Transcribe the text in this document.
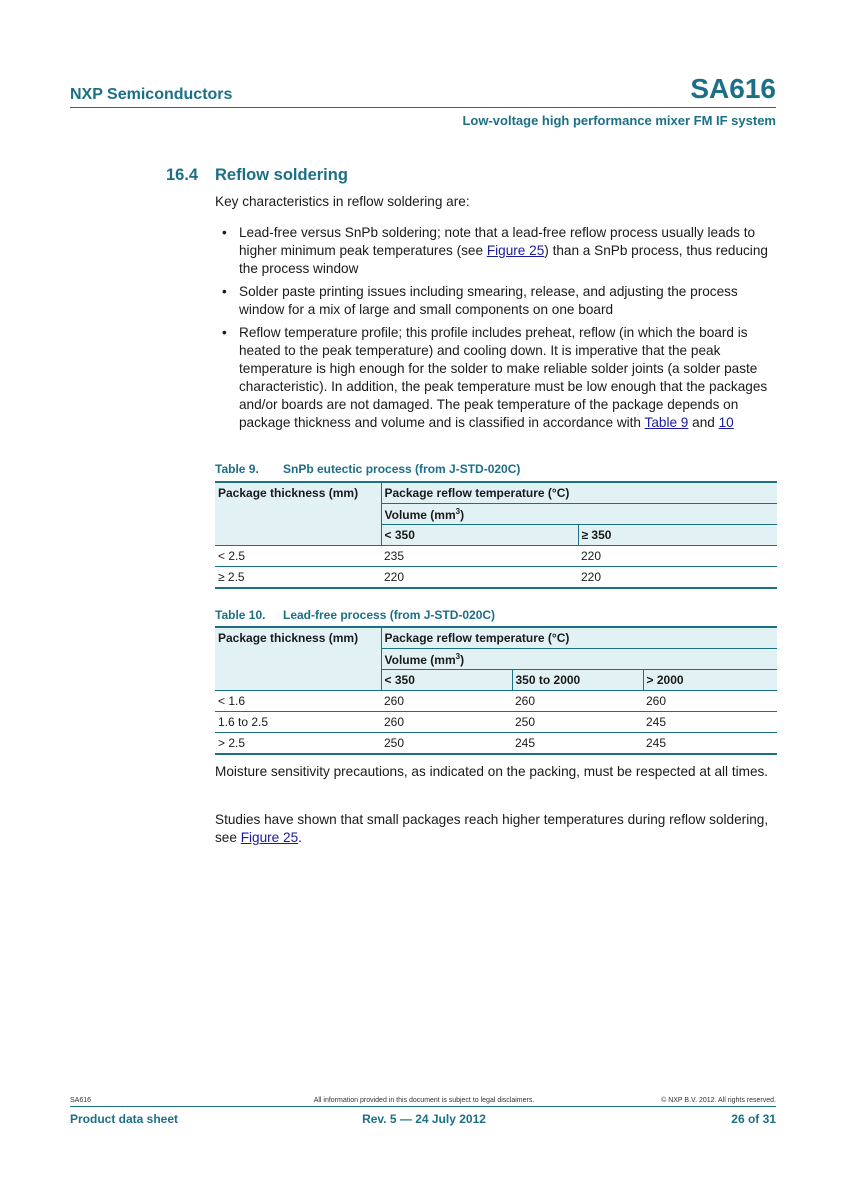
NXP Semiconductors	SA616
Low-voltage high performance mixer FM IF system
16.4 Reflow soldering
Key characteristics in reflow soldering are:
• Lead-free versus SnPb soldering; note that a lead-free reflow process usually leads to higher minimum peak temperatures (see Figure 25) than a SnPb process, thus reducing the process window
• Solder paste printing issues including smearing, release, and adjusting the process window for a mix of large and small components on one board
• Reflow temperature profile; this profile includes preheat, reflow (in which the board is heated to the peak temperature) and cooling down. It is imperative that the peak temperature is high enough for the solder to make reliable solder joints (a solder paste characteristic). In addition, the peak temperature must be low enough that the packages and/or boards are not damaged. The peak temperature of the package depends on package thickness and volume and is classified in accordance with Table 9 and 10
Table 9. SnPb eutectic process (from J-STD-020C)
Package thickness (mm)	Package reflow temperature (°C)	
	Volume $(mm^3)$	
	< 350	≥ 350
< 2.5	235	220
≥ 2.5	220	220
Table 10. Lead-free process (from J-STD-020C)
Package thickness (mm)	Package reflow temperature (°C)		
	Volume $(mm^3)$		
	< 350	350 to 2000	> 2000
< 1.6	260	260	260
1.6 to 2.5	260	250	245
> 2.5	250	245	245
Moisture sensitivity precautions, as indicated on the packing, must be respected at all times.
Studies have shown that small packages reach higher temperatures during reflow soldering, see Figure 25.
SA616	All information provided in this document is subject to legal disclaimers.	© NXP B.V. 2012. All rights reserved.
Product data sheet	Rev. 5 — 24 July 2012	26 of 31
